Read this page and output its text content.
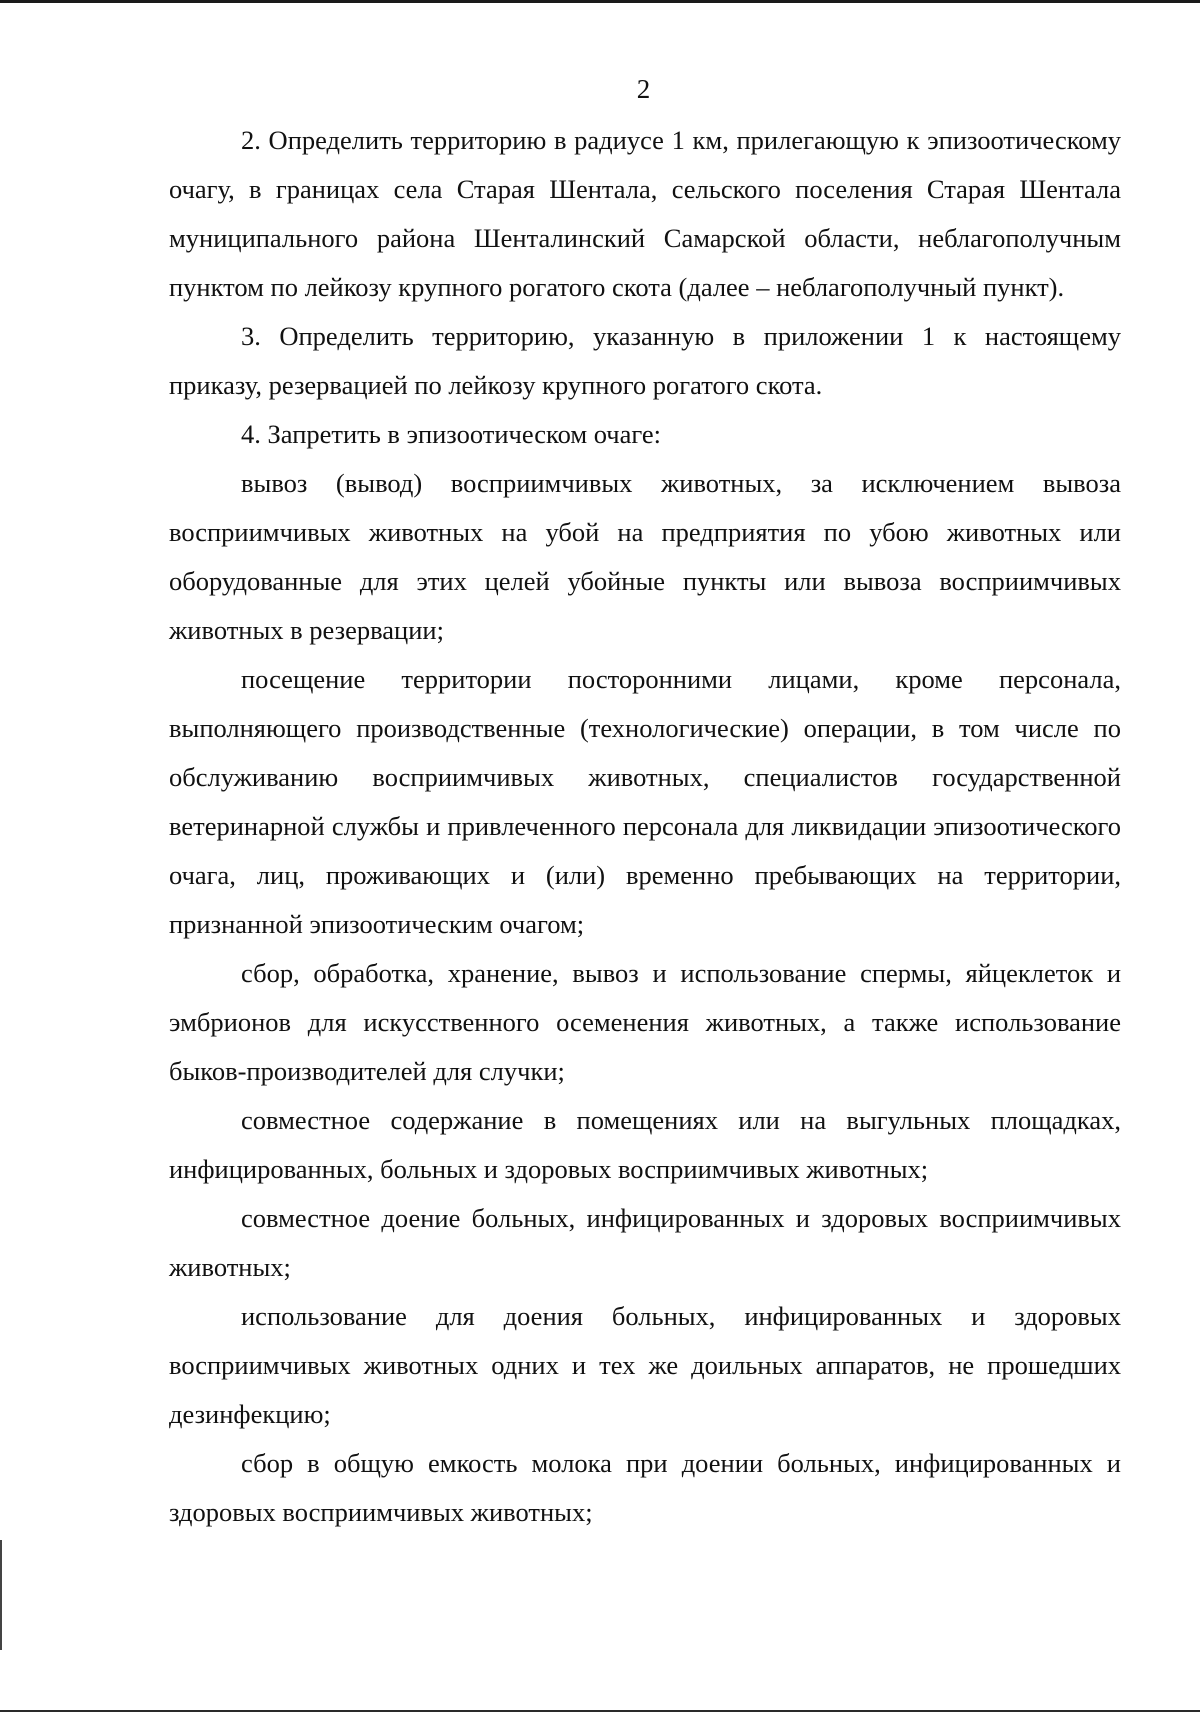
2

2. Определить территорию в радиусе 1 км, прилегающую к эпизоотическому очагу, в границах села Старая Шентала, сельского поселения Старая Шентала муниципального района Шенталинский Самарской области, неблагополучным пунктом по лейкозу крупного рогатого скота (далее – неблагополучный пункт).

3. Определить территорию, указанную в приложении 1 к настоящему приказу, резервацией по лейкозу крупного рогатого скота.

4. Запретить в эпизоотическом очаге:

вывоз (вывод) восприимчивых животных, за исключением вывоза восприимчивых животных на убой на предприятия по убою животных или оборудованные для этих целей убойные пункты или вывоза восприимчивых животных в резервации;

посещение территории посторонними лицами, кроме персонала, выполняющего производственные (технологические) операции, в том числе по обслуживанию восприимчивых животных, специалистов государственной ветеринарной службы и привлеченного персонала для ликвидации эпизоотического очага, лиц, проживающих и (или) временно пребывающих на территории, признанной эпизоотическим очагом;

сбор, обработка, хранение, вывоз и использование спермы, яйцеклеток и эмбрионов для искусственного осеменения животных, а также использование быков-производителей для случки;

совместное содержание в помещениях или на выгульных площадках, инфицированных, больных и здоровых восприимчивых животных;

совместное доение больных, инфицированных и здоровых восприимчивых животных;

использование для доения больных, инфицированных и здоровых восприимчивых животных одних и тех же доильных аппаратов, не прошедших дезинфекцию;

сбор в общую емкость молока при доении больных, инфицированных и здоровых восприимчивых животных;
